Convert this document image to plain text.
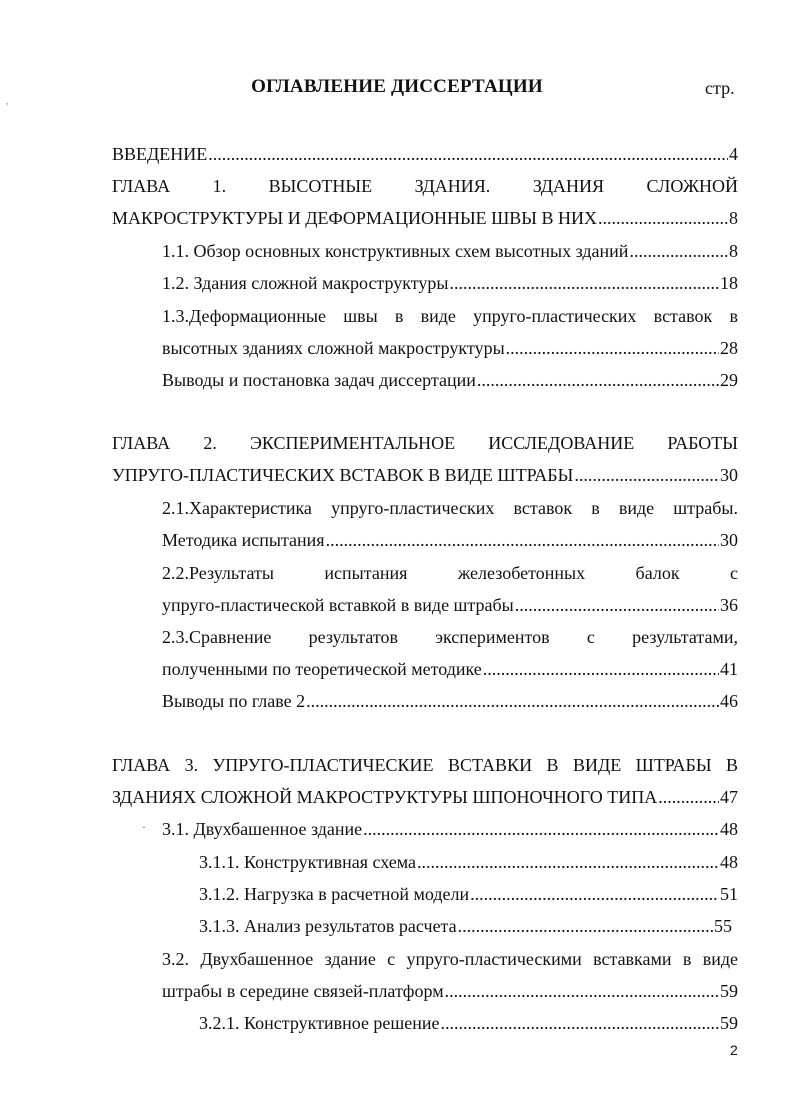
ОГЛАВЛЕНИЕ ДИССЕРТАЦИИ	стр.
,
ВВЕДЕНИЕ .....	4
ГЛАВА 1. ВЫСОТНЫЕ ЗДАНИЯ. ЗДАНИЯ СЛОЖНОЙ
МАКРОСТРУКТУРЫ И ДЕФОРМАЦИОННЫЕ ШВЫ В НИХ .....	8
1.1. Обзор основных конструктивных схем высотных зданий .....	8
1.2. Здания сложной макроструктуры .....	18
1.3.Деформационные швы в виде упруго-пластических вставок в
высотных зданиях сложной макроструктуры .....	28
Выводы и постановка задач диссертации .....	29
ГЛАВА 2. ЭКСПЕРИМЕНТАЛЬНОЕ ИССЛЕДОВАНИЕ РАБОТЫ
УПРУГО-ПЛАСТИЧЕСКИХ ВСТАВОК В ВИДЕ ШТРАБЫ .....	30
2.1.Характеристика упруго-пластических вставок в виде штрабы.
Методика испытания .....	30
2.2.Результаты испытания железобетонных балок с
упруго-пластической вставкой в виде штрабы .....	36
2.3.Сравнение результатов экспериментов с результатами,
полученными по теоретической методике .....	41
Выводы по главе 2 .....	46
ГЛАВА 3. УПРУГО-ПЛАСТИЧЕСКИЕ ВСТАВКИ В ВИДЕ ШТРАБЫ В
ЗДАНИЯХ СЛОЖНОЙ МАКРОСТРУКТУРЫ ШПОНОЧНОГО ТИПА .....	47
· 3.1. Двухбашенное здание .....	48
3.1.1. Конструктивная схема .....	48
3.1.2. Нагрузка в расчетной модели .....	51
3.1.3. Анализ результатов расчета .....	55
3.2. Двухбашенное здание с упруго-пластическими вставками в виде
штрабы в середине связей-платформ .....	59
3.2.1. Конструктивное решение .....	59
2
